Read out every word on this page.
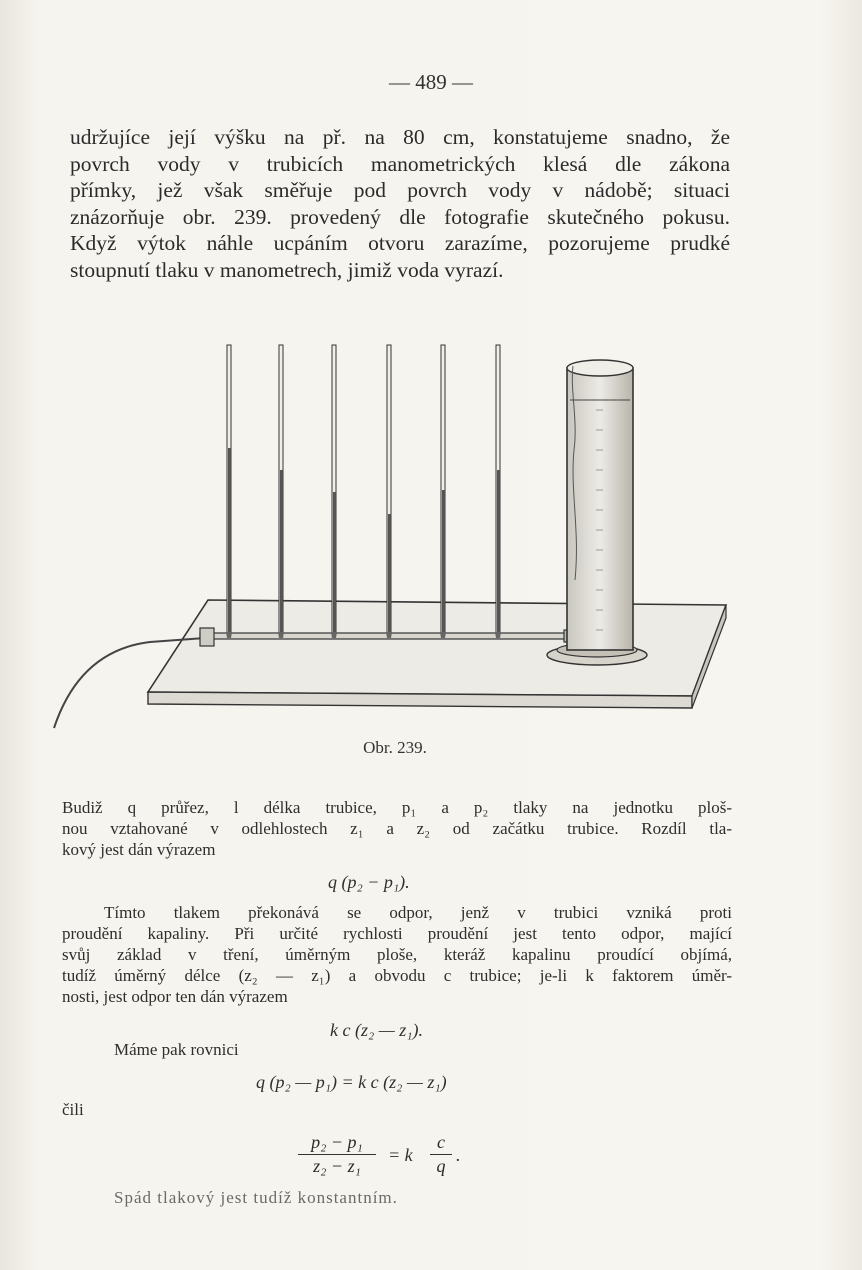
— 489 —
udržujíce její výšku na př. na 80 cm, konstatujeme snadno, že
povrch vody v trubicích manometrických klesá dle zákona
přímky, jež však směřuje pod povrch vody v nádobě; situaci
znázorňuje obr. 239. provedený dle fotografie skutečného pokusu.
Když výtok náhle ucpáním otvoru zarazíme, pozorujeme prudké
stoupnutí tlaku v manometrech, jimiž voda vyrazí.
Obr. 239.
Budiž q průřez, l délka trubice, p₁ a p₂ tlaky na jednotku ploš-
nou vztahované v odlehlostech z₁ a z₂ od začátku trubice. Rozdíl tla-
kový jest dán výrazem
q (p₂ − p₁).
Tímto tlakem překonává se odpor, jenž v trubici vzniká proti
proudění kapaliny. Při určité rychlosti proudění jest tento odpor, mající
svůj základ v tření, úměrným ploše, kteráž kapalinu proudící objímá,
tudíž úměrný délce (z₂ — z₁) a obvodu c trubice; je-li k faktorem úměr-
nosti, jest odpor ten dán výrazem
k c (z₂ — z₁).
Máme pak rovnici
q (p₂ — p₁) = k c (z₂ — z₁)
čili
p₂ − p₁
z₂ − z₁
= k
c
q
.
Spád tlakový jest tudíž konstantním.
